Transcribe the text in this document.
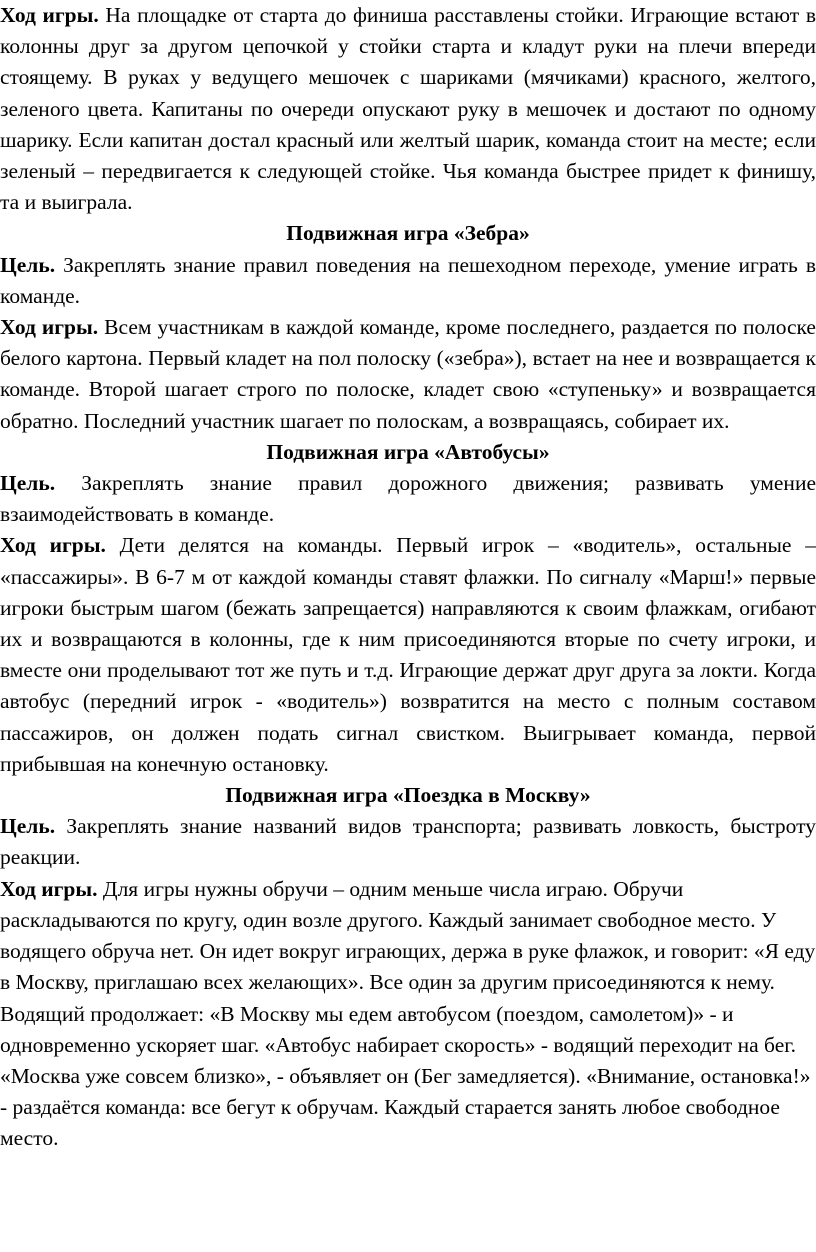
Ход игры. На площадке от старта до финиша расставлены стойки. Играющие встают в колонны друг за другом цепочкой у стойки старта и кладут руки на плечи впереди стоящему. В руках у ведущего мешочек с шариками (мячиками) красного, желтого, зеленого цвета. Капитаны по очереди опускают руку в мешочек и достают по одному шарику. Если капитан достал красный или желтый шарик, команда стоит на месте; если зеленый – передвигается к следующей стойке. Чья команда быстрее придет к финишу, та и выиграла.

Подвижная игра «Зебра»

Цель. Закреплять знание правил поведения на пешеходном переходе, умение играть в команде.

Ход игры. Всем участникам в каждой команде, кроме последнего, раздается по полоске белого картона. Первый кладет на пол полоску («зебра»), встает на нее и возвращается к команде. Второй шагает строго по полоске, кладет свою «ступеньку» и возвращается обратно. Последний участник шагает по полоскам, а возвращаясь, собирает их.

Подвижная игра «Автобусы»

Цель. Закреплять знание правил дорожного движения; развивать умение взаимодействовать в команде.

Ход игры. Дети делятся на команды. Первый игрок – «водитель», остальные – «пассажиры». В 6-7 м от каждой команды ставят флажки. По сигналу «Марш!» первые игроки быстрым шагом (бежать запрещается) направляются к своим флажкам, огибают их и возвращаются в колонны, где к ним присоединяются вторые по счету игроки, и вместе они проделывают тот же путь и т.д. Играющие держат друг друга за локти. Когда автобус (передний игрок - «водитель») возвратится на место с полным составом пассажиров, он должен подать сигнал свистком. Выигрывает команда, первой прибывшая на конечную остановку.

Подвижная игра «Поездка в Москву»

Цель. Закреплять знание названий видов транспорта; развивать ловкость, быстроту реакции.

Ход игры. Для игры нужны обручи – одним меньше числа играю. Обручи раскладываются по кругу, один возле другого. Каждый занимает свободное место. У водящего обруча нет. Он идет вокруг играющих, держа в руке флажок, и говорит: «Я еду в Москву, приглашаю всех желающих». Все один за другим присоединяются к нему. Водящий продолжает: «В Москву мы едем автобусом (поездом, самолетом)» - и одновременно ускоряет шаг. «Автобус набирает скорость» - водящий переходит на бег. «Москва уже совсем близко», - объявляет он (Бег замедляется). «Внимание, остановка!» - раздаётся команда: все бегут к обручам. Каждый старается занять любое свободное место.
